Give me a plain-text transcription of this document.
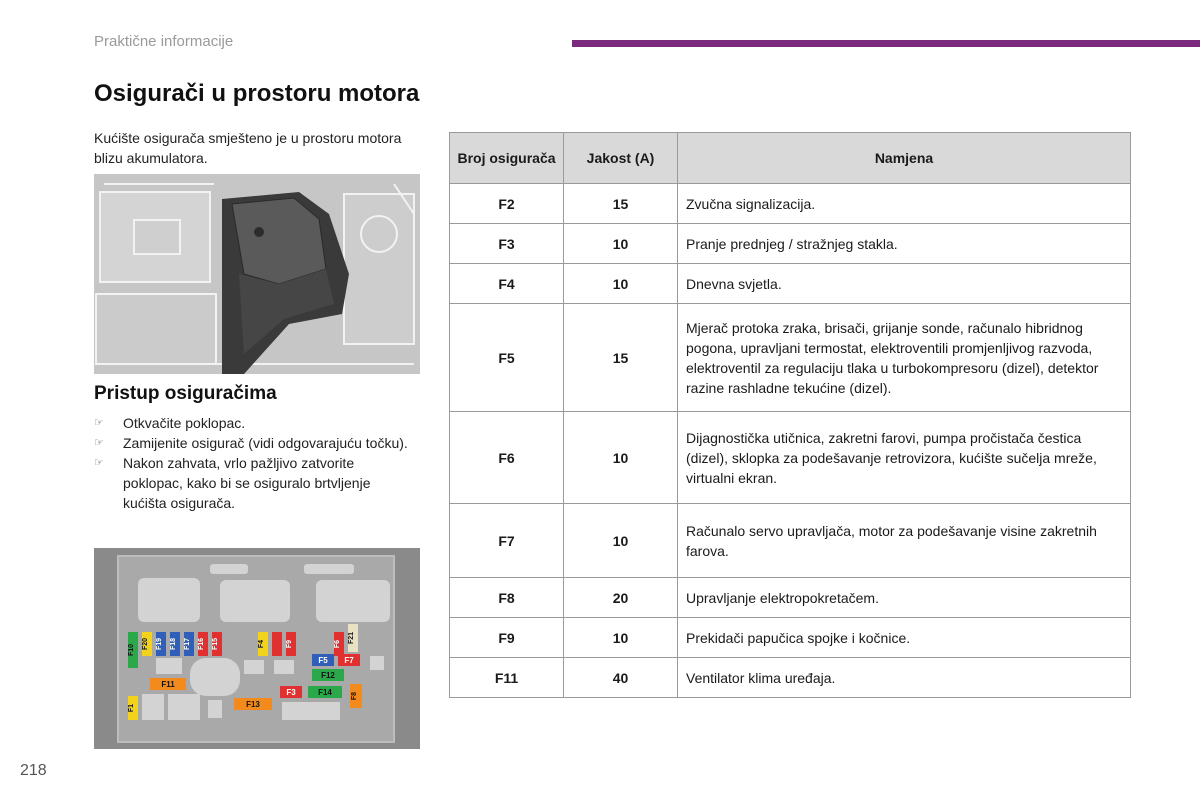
Praktične informacije
Osigurači u prostoru motora

Kućište osigurača smješteno je u prostoru motora blizu akumulatora.

Pristup osiguračima
☞ Otkvačite poklopac.
☞ Zamijenite osigurač (vidi odgovarajuću točku).
☞ Nakon zahvata, vrlo pažljivo zatvorite poklopac, kako bi se osiguralo brtvljenje kućišta osigurača.
F10 F20 F19 F18 F17 F16 F15	F4	F9	F6 F21
F5 F7
F12
F11
F3	F14	F8
F1	F13
Broj osigurača	Jakost (A)	Namjena
F2	15	Zvučna signalizacija.
F3	10	Pranje prednjeg / stražnjeg stakla.
F4	10	Dnevna svjetla.
F5	15	Mjerač protoka zraka, brisači, grijanje sonde, računalo hibridnog pogona, upravljani termostat, elektroventili promjenljivog razvoda, elektroventil za regulaciju tlaka u turbokompresoru (dizel), detektor razine rashladne tekućine (dizel).
F6	10	Dijagnostička utičnica, zakretni farovi, pumpa pročistača čestica (dizel), sklopka za podešavanje retrovizora, kućište sučelja mreže, virtualni ekran.
F7	10	Računalo servo upravljača, motor za podešavanje visine zakretnih farova.
F8	20	Upravljanje elektropokretačem.
F9	10	Prekidači papučica spojke i kočnice.
F11	40	Ventilator klima uređaja.
218
